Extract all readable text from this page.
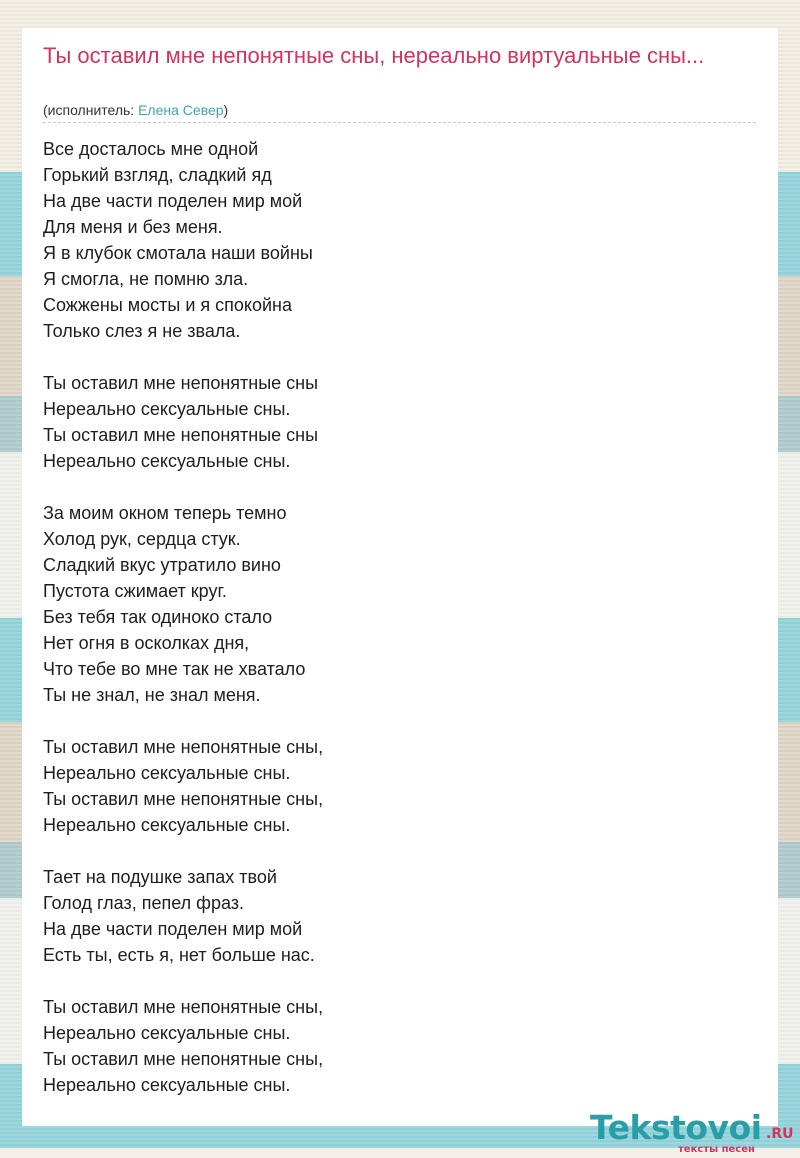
Ты оставил мне непонятные сны, нереально виртуальные сны...
(исполнитель: Елена Север)
Все досталось мне одной
Горький взгляд, сладкий яд
На две части поделен мир мой
Для меня и без меня.
Я в клубок смотала наши войны
Я смогла, не помню зла.
Сожжены мосты и я спокойна
Только слез я не звала.
Ты оставил мне непонятные сны
Нереально сексуальные сны.
Ты оставил мне непонятные сны
Нереально сексуальные сны.
За моим окном теперь темно
Холод рук, сердца стук.
Сладкий вкус утратило вино
Пустота сжимает круг.
Без тебя так одиноко стало
Нет огня в осколках дня,
Что тебе во мне так не хватало
Ты не знал, не знал меня.
Ты оставил мне непонятные сны,
Нереально сексуальные сны.
Ты оставил мне непонятные сны,
Нереально сексуальные сны.
Тает на подушке запах твой
Голод глаз, пепел фраз.
На две части поделен мир мой
Есть ты, есть я, нет больше нас.
Ты оставил мне непонятные сны,
Нереально сексуальные сны.
Ты оставил мне непонятные сны,
Нереально сексуальные сны.
Tekstovoi .RU
тексты песен
